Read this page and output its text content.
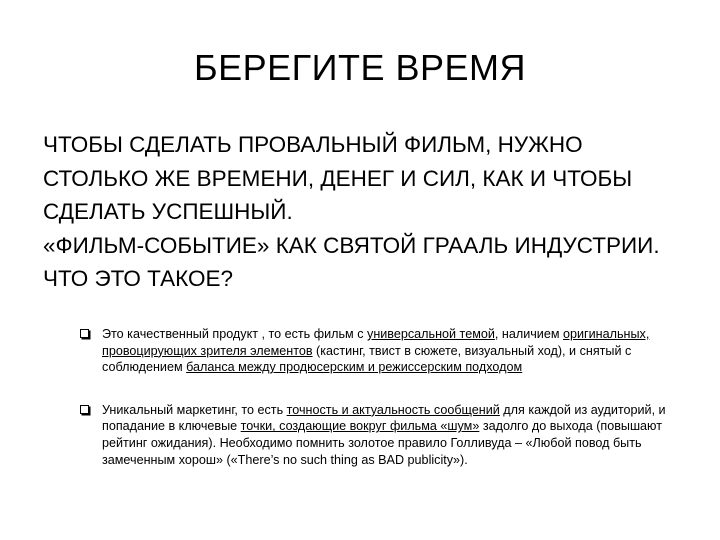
БЕРЕГИТЕ ВРЕМЯ

ЧТОБЫ СДЕЛАТЬ ПРОВАЛЬНЫЙ ФИЛЬМ, НУЖНО СТОЛЬКО ЖЕ ВРЕМЕНИ, ДЕНЕГ И СИЛ, КАК И ЧТОБЫ СДЕЛАТЬ УСПЕШНЫЙ.

«ФИЛЬМ-СОБЫТИЕ» КАК СВЯТОЙ ГРААЛЬ ИНДУСТРИИ. ЧТО ЭТО ТАКОЕ?

Это качественный продукт , то есть фильм с универсальной темой, наличием оригинальных, провоцирующих зрителя элементов (кастинг, твист в сюжете, визуальный ход), и снятый с соблюдением баланса между продюсерским и режиссерским подходом
Уникальный маркетинг, то есть точность и актуальность сообщений для каждой из аудиторий, и попадание в ключевые точки, создающие вокруг фильма «шум» задолго до выхода (повышают рейтинг ожидания). Необходимо помнить золотое правило Голливуда – «Любой повод быть замеченным хорош» («There’s no such thing as BAD publicity»).
